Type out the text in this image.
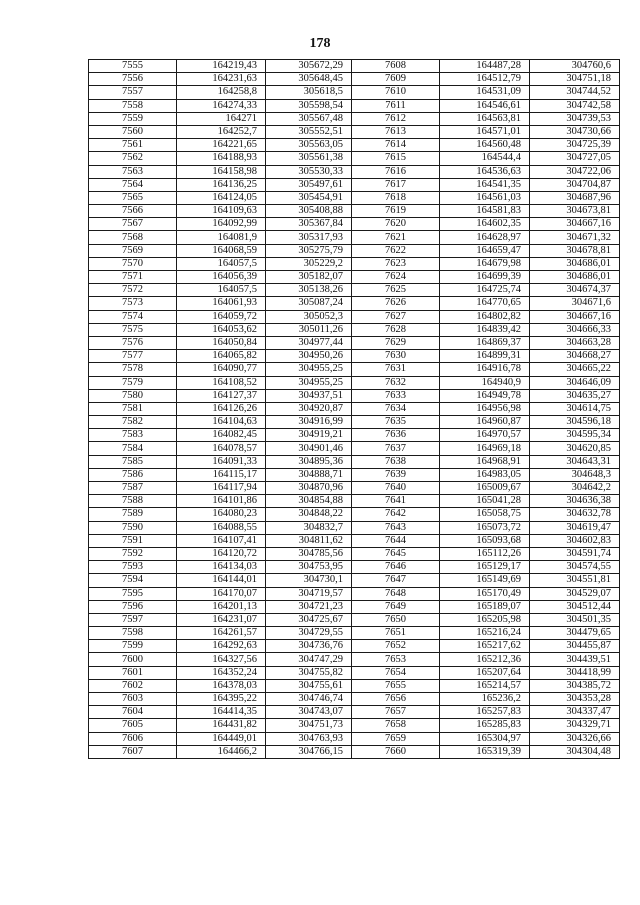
178
7555	164219,43	305672,29	7608	164487,28	304760,6
7556	164231,63	305648,45	7609	164512,79	304751,18
7557	164258,8	305618,5	7610	164531,09	304744,52
7558	164274,33	305598,54	7611	164546,61	304742,58
7559	164271	305567,48	7612	164563,81	304739,53
7560	164252,7	305552,51	7613	164571,01	304730,66
7561	164221,65	305563,05	7614	164560,48	304725,39
7562	164188,93	305561,38	7615	164544,4	304727,05
7563	164158,98	305530,33	7616	164536,63	304722,06
7564	164136,25	305497,61	7617	164541,35	304704,87
7565	164124,05	305454,91	7618	164561,03	304687,96
7566	164109,63	305408,88	7619	164581,83	304673,81
7567	164092,99	305367,84	7620	164602,35	304667,16
7568	164081,9	305317,93	7621	164628,97	304671,32
7569	164068,59	305275,79	7622	164659,47	304678,81
7570	164057,5	305229,2	7623	164679,98	304686,01
7571	164056,39	305182,07	7624	164699,39	304686,01
7572	164057,5	305138,26	7625	164725,74	304674,37
7573	164061,93	305087,24	7626	164770,65	304671,6
7574	164059,72	305052,3	7627	164802,82	304667,16
7575	164053,62	305011,26	7628	164839,42	304666,33
7576	164050,84	304977,44	7629	164869,37	304663,28
7577	164065,82	304950,26	7630	164899,31	304668,27
7578	164090,77	304955,25	7631	164916,78	304665,22
7579	164108,52	304955,25	7632	164940,9	304646,09
7580	164127,37	304937,51	7633	164949,78	304635,27
7581	164126,26	304920,87	7634	164956,98	304614,75
7582	164104,63	304916,99	7635	164960,87	304596,18
7583	164082,45	304919,21	7636	164970,57	304595,34
7584	164078,57	304901,46	7637	164969,18	304620,85
7585	164091,33	304895,36	7638	164968,91	304643,31
7586	164115,17	304888,71	7639	164983,05	304648,3
7587	164117,94	304870,96	7640	165009,67	304642,2
7588	164101,86	304854,88	7641	165041,28	304636,38
7589	164080,23	304848,22	7642	165058,75	304632,78
7590	164088,55	304832,7	7643	165073,72	304619,47
7591	164107,41	304811,62	7644	165093,68	304602,83
7592	164120,72	304785,56	7645	165112,26	304591,74
7593	164134,03	304753,95	7646	165129,17	304574,55
7594	164144,01	304730,1	7647	165149,69	304551,81
7595	164170,07	304719,57	7648	165170,49	304529,07
7596	164201,13	304721,23	7649	165189,07	304512,44
7597	164231,07	304725,67	7650	165205,98	304501,35
7598	164261,57	304729,55	7651	165216,24	304479,65
7599	164292,63	304736,76	7652	165217,62	304455,87
7600	164327,56	304747,29	7653	165212,36	304439,51
7601	164352,24	304755,82	7654	165207,64	304418,99
7602	164378,03	304755,61	7655	165214,57	304385,72
7603	164395,22	304746,74	7656	165236,2	304353,28
7604	164414,35	304743,07	7657	165257,83	304337,47
7605	164431,82	304751,73	7658	165285,83	304329,71
7606	164449,01	304763,93	7659	165304,97	304326,66
7607	164466,2	304766,15	7660	165319,39	304304,48
